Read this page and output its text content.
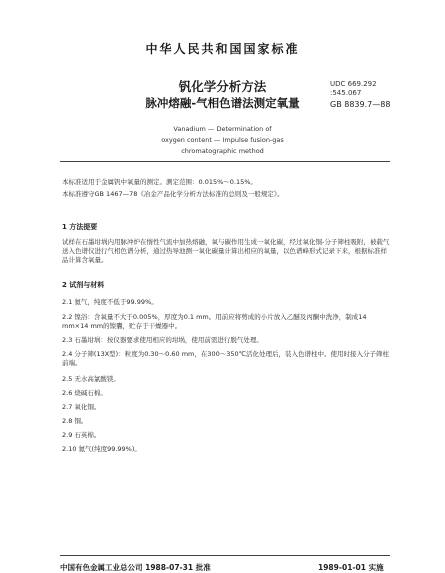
中华人民共和国国家标准
UDC 669.292
:545.067
GB 8839.7—88
钒化学分析方法
脉冲熔融-气相色谱法测定氧量
Vanadium — Determination of
oxygen content — Impulse fusion-gas
chromatographic method
本标准适用于金属钒中氧量的测定。测定范围：0.015%～0.15%。
本标准遵守GB 1467—78《冶金产品化学分析方法标准的总则及一般规定》。
1 方法提要
试样在石墨坩埚内用脉冲炉在惰性气流中加热熔融，氧与碳作用生成一氧化碳，经过氧化铜-分子筛柱吸附，被载气送入色谱仪进行气相色谱分析，通过热导池测一氧化碳量计算出相应的氧量，以色谱峰形式记录下来，根据标准样品计算含氧量。
2 试剂与材料
2.1 氦气，纯度不低于99.99%。
2.2 镍浴：含氧量不大于0.005%，厚度为0.1 mm。用前应将剪成的小片放入乙醚及丙酮中洗净，制成14 mm×14 mm的镍囊，贮存于干燥器中。
2.3 石墨坩埚：按仪器要求使用相应的坩埚，使用前需进行脱气处理。
2.4 分子筛(13X型)：粒度为0.30～0.60 mm，在300～350℃活化处理后，装入色谱柱中。使用时接入分子筛柱前端。
2.5 无水高氯酸镁。
2.6 烧碱石棉。
2.7 氧化铜。
2.8 铜。
2.9 石英棉。
2.10 氦气(纯度99.99%)。
中国有色金属工业总公司 1988-07-31 批准	1989-01-01 实施
